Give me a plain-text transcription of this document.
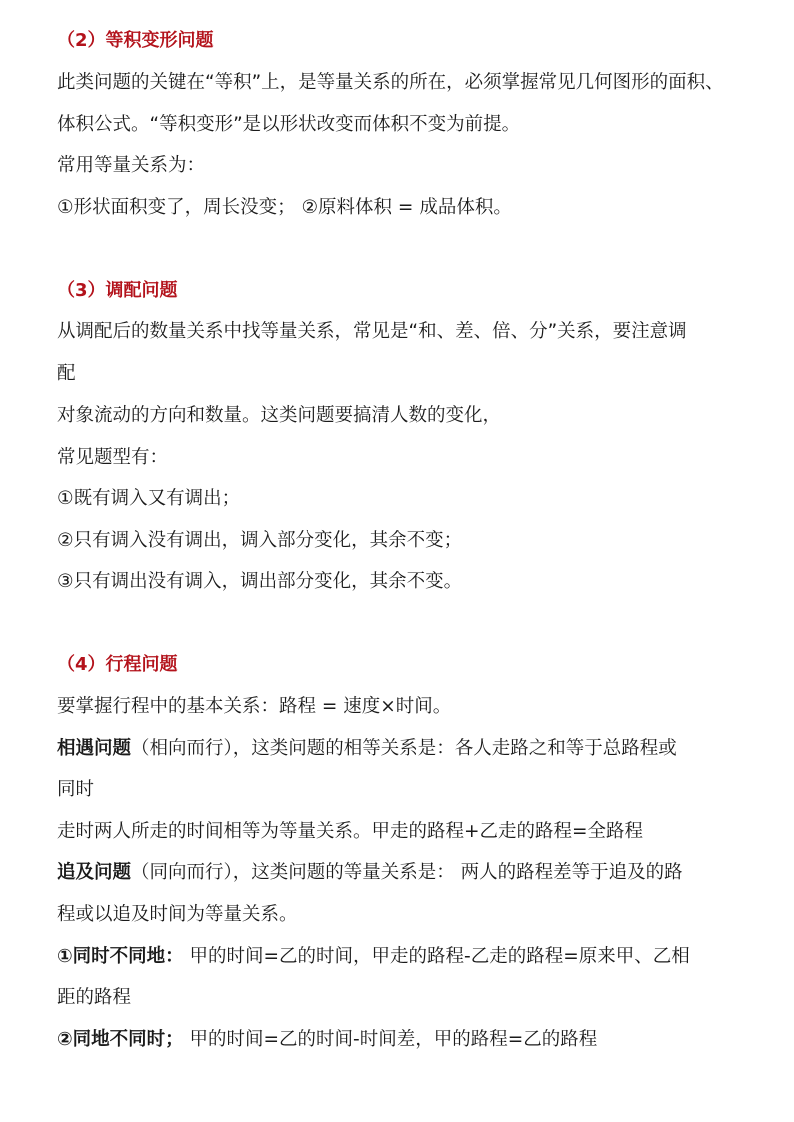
（2）等积变形问题

此类问题的关键在“等积”上，是等量关系的所在，必须掌握常见几何图形的面积、

体积公式。“等积变形”是以形状改变而体积不变为前提。

常用等量关系为：

①形状面积变了，周长没变； ②原料体积 = 成品体积。

（3）调配问题

从调配后的数量关系中找等量关系，常见是“和、差、倍、分”关系，要注意调

配

对象流动的方向和数量。这类问题要搞清人数的变化，

常见题型有：

①既有调入又有调出；

②只有调入没有调出，调入部分变化，其余不变；

③只有调出没有调入，调出部分变化，其余不变。

（4）行程问题

要掌握行程中的基本关系：路程 = 速度×时间。

相遇问题（相向而行），这类问题的相等关系是：各人走路之和等于总路程或

同时

走时两人所走的时间相等为等量关系。甲走的路程+乙走的路程=全路程

追及问题（同向而行），这类问题的等量关系是： 两人的路程差等于追及的路

程或以追及时间为等量关系。

①同时不同地： 甲的时间=乙的时间，甲走的路程-乙走的路程=原来甲、乙相

距的路程

②同地不同时； 甲的时间=乙的时间-时间差，甲的路程=乙的路程
